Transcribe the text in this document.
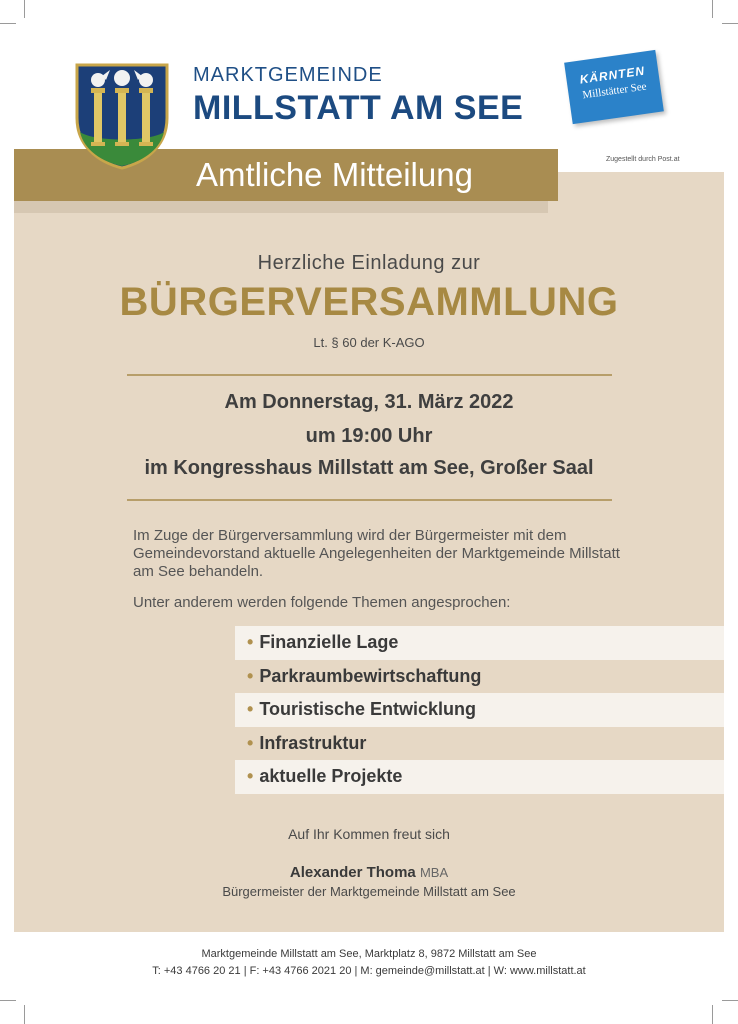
Amtliche Mitteilung	Zugestellt durch Post.at
MARKTGEMEINDE
MILLSTATT AM SEE
KÄRNTEN
Millstätter See
Herzliche Einladung zur
BÜRGERVERSAMMLUNG
Lt. § 60 der K-AGO
Am Donnerstag, 31. März 2022
um 19:00 Uhr
im Kongresshaus Millstatt am See, Großer Saal
Im Zuge der Bürgerversammlung wird der Bürgermeister mit dem Gemeindevorstand aktuelle Angelegenheiten der Marktgemeinde Millstatt am See behandeln.
Unter anderem werden folgende Themen angesprochen:
• Finanzielle Lage
• Parkraumbewirtschaftung
• Touristische Entwicklung
• Infrastruktur
• aktuelle Projekte
Auf Ihr Kommen freut sich
Alexander Thoma MBA
Bürgermeister der Marktgemeinde Millstatt am See
Marktgemeinde Millstatt am See, Marktplatz 8, 9872 Millstatt am See
T: +43 4766 20 21 | F: +43 4766 2021 20 | M: gemeinde@millstatt.at | W: www.millstatt.at
